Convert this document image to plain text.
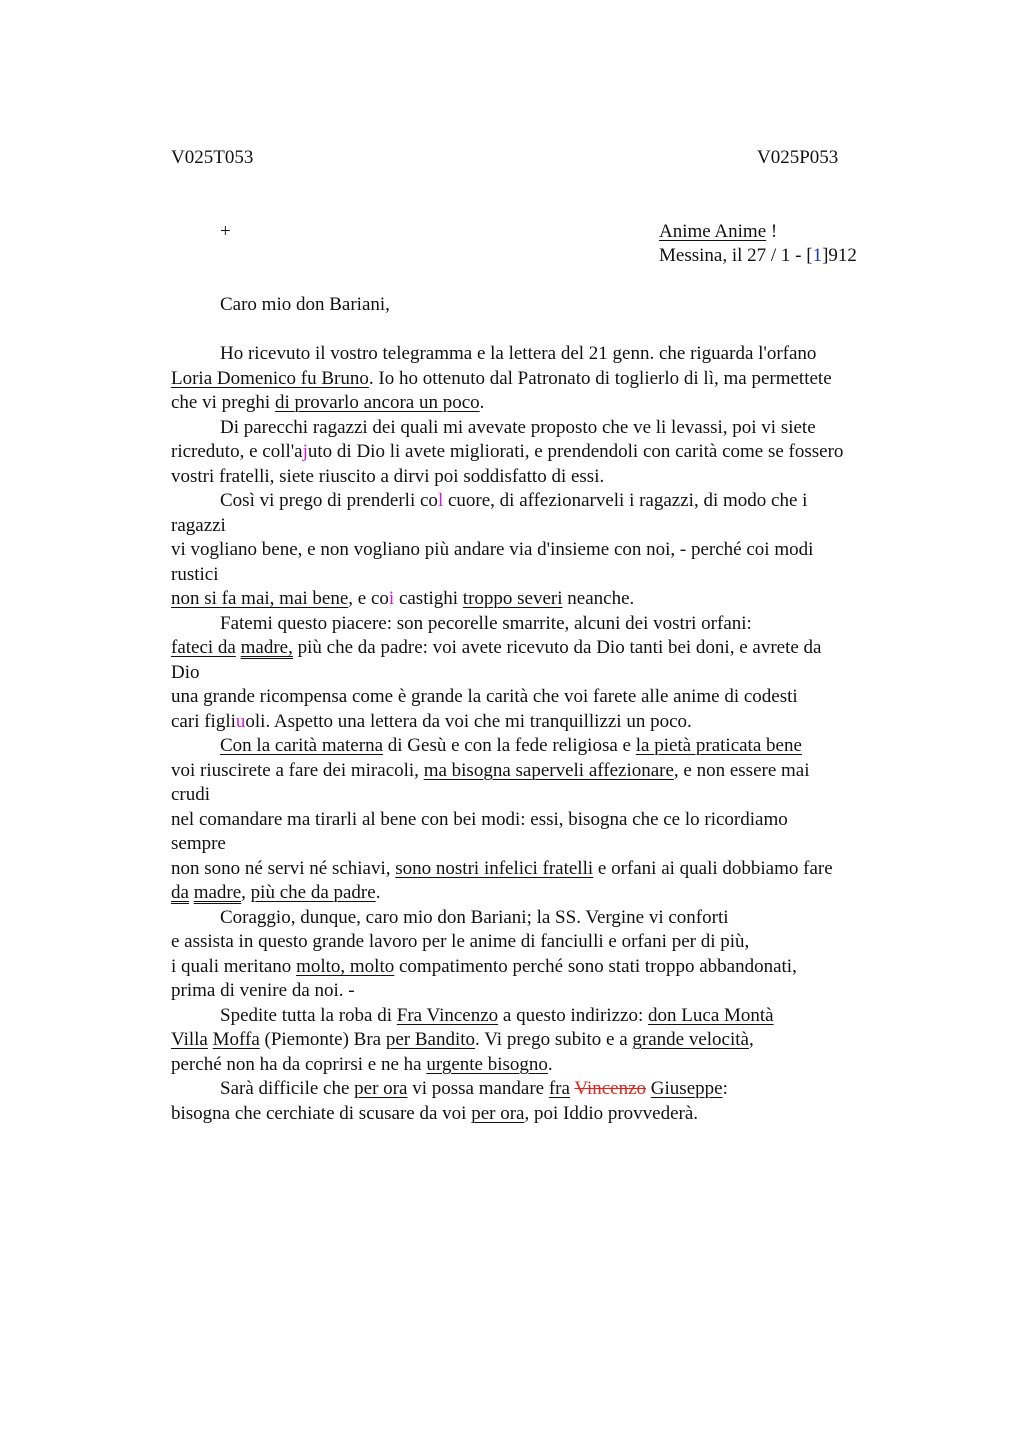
V025T053	V025P053
+	Anime Anime !
Messina, il 27 / 1 - [1]912
Caro mio don Bariani,
Ho ricevuto il vostro telegramma e la lettera del 21 genn. che riguarda l'orfano
Loria Domenico fu Bruno. Io ho ottenuto dal Patronato di toglierlo di lì, ma permettete
che vi preghi di provarlo ancora un poco.
Di parecchi ragazzi dei quali mi avevate proposto che ve li levassi, poi vi siete
ricreduto, e coll'ajuto di Dio li avete migliorati, e prendendoli con carità come se fossero
vostri fratelli, siete riuscito a dirvi poi soddisfatto di essi.
Così vi prego di prenderli col cuore, di affezionarveli i ragazzi, di modo che i
ragazzi
vi vogliano bene, e non vogliano più andare via d'insieme con noi, - perché coi modi
rustici
non si fa mai, mai bene, e coi castighi troppo severi neanche.
Fatemi questo piacere: son pecorelle smarrite, alcuni dei vostri orfani:
fateci da madre, più che da padre: voi avete ricevuto da Dio tanti bei doni, e avrete da
Dio
una grande ricompensa come è grande la carità che voi farete alle anime di codesti
cari figliuoli. Aspetto una lettera da voi che mi tranquillizzi un poco.
Con la carità materna di Gesù e con la fede religiosa e la pietà praticata bene
voi riuscirete a fare dei miracoli, ma bisogna saperveli affezionare, e non essere mai
crudi
nel comandare ma tirarli al bene con bei modi: essi, bisogna che ce lo ricordiamo
sempre
non sono né servi né schiavi, sono nostri infelici fratelli e orfani ai quali dobbiamo fare
da madre, più che da padre.
Coraggio, dunque, caro mio don Bariani; la SS. Vergine vi conforti
e assista in questo grande lavoro per le anime di fanciulli e orfani per di più,
i quali meritano molto, molto compatimento perché sono stati troppo abbandonati,
prima di venire da noi. -
Spedite tutta la roba di Fra Vincenzo a questo indirizzo: don Luca Montà
Villa Moffa (Piemonte) Bra per Bandito. Vi prego subito e a grande velocità,
perché non ha da coprirsi e ne ha urgente bisogno.
Sarà difficile che per ora vi possa mandare fra Vincenzo Giuseppe:
bisogna che cerchiate di scusare da voi per ora, poi Iddio provvederà.
